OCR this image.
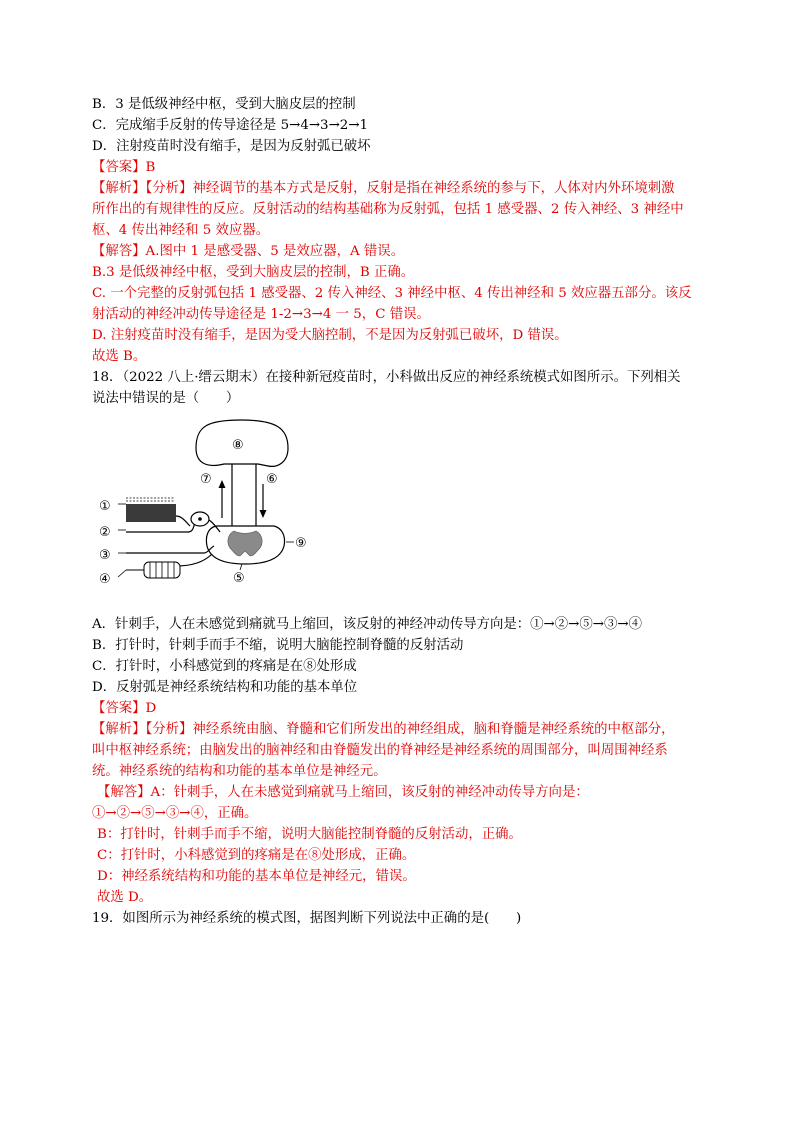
B．3 是低级神经中枢，受到大脑皮层的控制
C．完成缩手反射的传导途径是 5→4→3→2→1
D．注射疫苗时没有缩手，是因为反射弧已破坏
【答案】B
【解析】【分析】神经调节的基本方式是反射，反射是指在神经系统的参与下，人体对内外环境刺激
所作出的有规律性的反应。反射活动的结构基础称为反射弧，包括 1 感受器、2 传入神经、3 神经中
枢、4 传出神经和 5 效应器。
【解答】A.图中 1 是感受器、5 是效应器，A 错误。
B.3 是低级神经中枢，受到大脑皮层的控制，B 正确。
C. 一个完整的反射弧包括 1 感受器、2 传入神经、3 神经中枢、4 传出神经和 5 效应器五部分。该反
射活动的神经冲动传导途径是 1-2→3→4 一 5，C 错误。
D. 注射疫苗时没有缩手，是因为受大脑控制，不是因为反射弧已破坏，D 错误。
故选 B。
18．（2022 八上·缙云期末）在接种新冠疫苗时，小科做出反应的神经系统模式如图所示。下列相关
说法中错误的是（　　）
①
②
③
④	⑤
⑥
⑦
⑧
⑨
A．针刺手，人在未感觉到痛就马上缩回，该反射的神经冲动传导方向是：①→②→⑤→③→④
B．打针时，针刺手而手不缩，说明大脑能控制脊髓的反射活动
C．打针时，小科感觉到的疼痛是在⑧处形成
D．反射弧是神经系统结构和功能的基本单位
【答案】D
【解析】【分析】神经系统由脑、脊髓和它们所发出的神经组成，脑和脊髓是神经系统的中枢部分，
叫中枢神经系统；由脑发出的脑神经和由脊髓发出的脊神经是神经系统的周围部分，叫周围神经系
统。神经系统的结构和功能的基本单位是神经元。
【解答】A：针刺手，人在未感觉到痛就马上缩回，该反射的神经冲动传导方向是：
①→②→⑤→③→④，正确。
B：打针时，针刺手而手不缩，说明大脑能控制脊髓的反射活动，正确。
C：打针时，小科感觉到的疼痛是在⑧处形成，正确。
D：神经系统结构和功能的基本单位是神经元，错误。
故选 D。
19．如图所示为神经系统的模式图，据图判断下列说法中正确的是(　　)
